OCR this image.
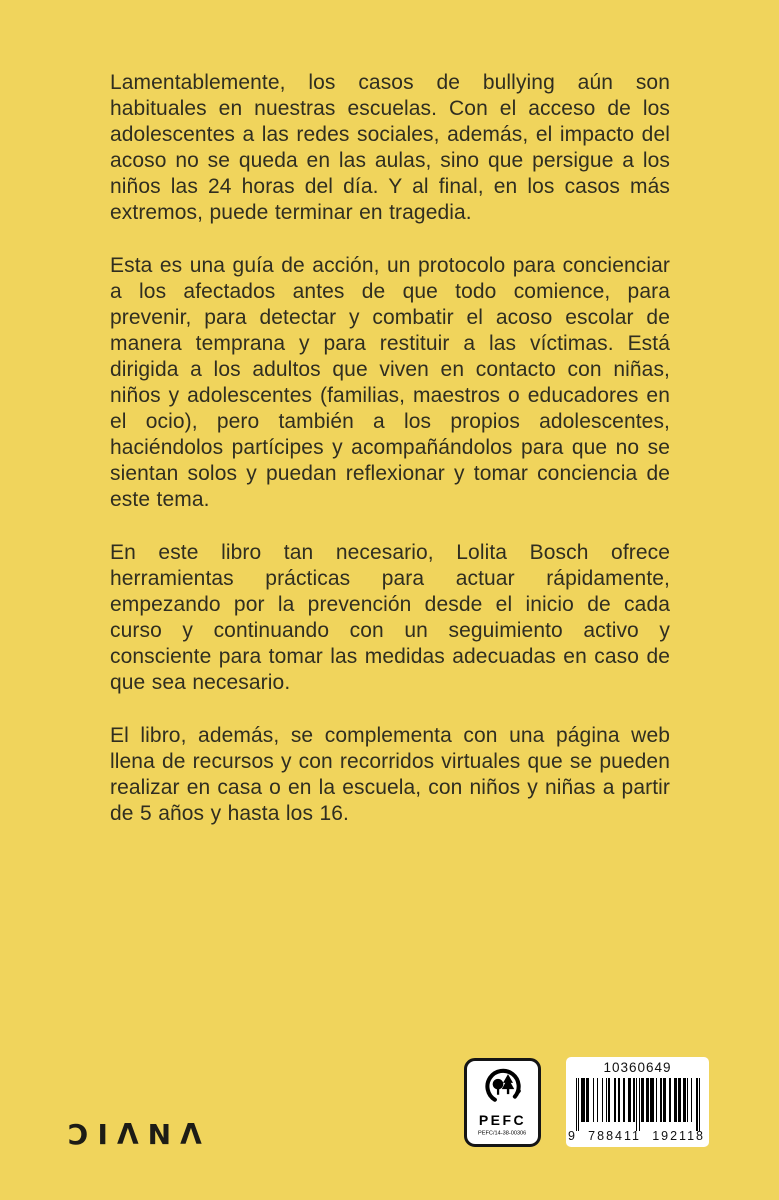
Lamentablemente, los casos de bullying aún son habituales en nuestras escuelas. Con el acceso de los adolescentes a las redes sociales, además, el impacto del acoso no se queda en las aulas, sino que persigue a los niños las 24 horas del día. Y al final, en los casos más extremos, puede terminar en tragedia.

Esta es una guía de acción, un protocolo para concienciar a los afectados antes de que todo comience, para prevenir, para detectar y combatir el acoso escolar de manera temprana y para restituir a las víctimas. Está dirigida a los adultos que viven en contacto con niñas, niños y adolescentes (familias, maestros o educadores en el ocio), pero también a los propios adolescentes, haciéndolos partícipes y acompañándolos para que no se sientan solos y puedan reflexionar y tomar conciencia de este tema.

En este libro tan necesario, Lolita Bosch ofrece herramientas prácticas para actuar rápidamente, empezando por la prevención desde el inicio de cada curso y continuando con un seguimiento activo y consciente para tomar las medidas adecuadas en caso de que sea necesario.

El libro, además, se complementa con una página web llena de recursos y con recorridos virtuales que se pueden realizar en casa o en la escuela, con niños y niñas a partir de 5 años y hasta los 16.

ƆIΛNΛ	PEFC
PEFC/14-38-00306
10360649
9 788411 192118
